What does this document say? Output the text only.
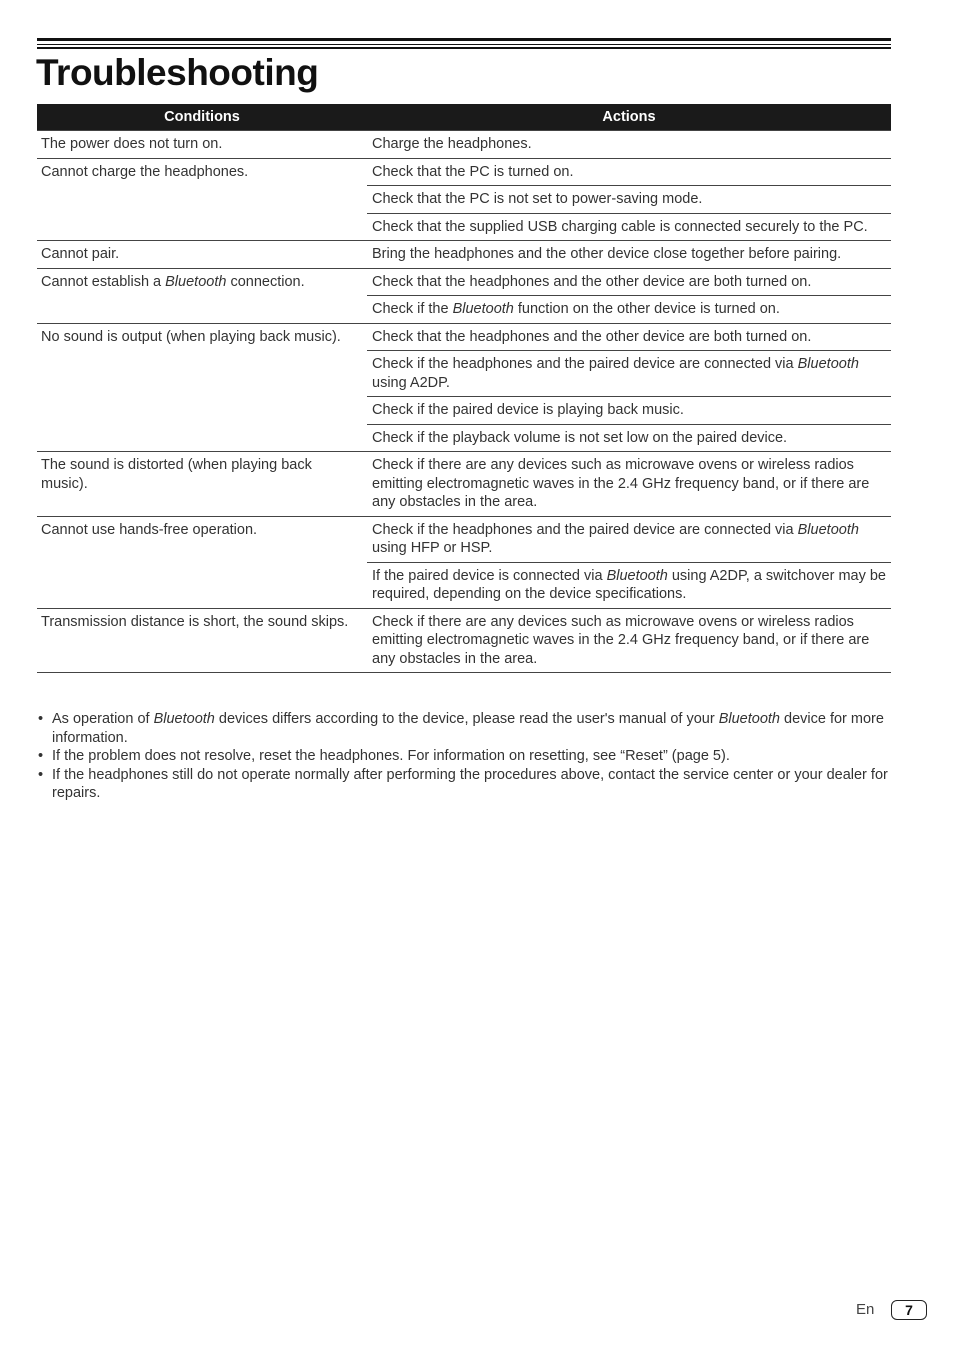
Troubleshooting
Conditions	Actions
The power does not turn on.	Charge the headphones.
Cannot charge the headphones.	Check that the PC is turned on.
	Check that the PC is not set to power-saving mode.
	Check that the supplied USB charging cable is connected securely to the PC.
Cannot pair.	Bring the headphones and the other device close together before pairing.
Cannot establish a Bluetooth connection.	Check that the headphones and the other device are both turned on.
	Check if the Bluetooth function on the other device is turned on.
No sound is output (when playing back music).	Check that the headphones and the other device are both turned on.
	Check if the headphones and the paired device are connected via Bluetooth using A2DP.
	Check if the paired device is playing back music.
	Check if the playback volume is not set low on the paired device.
The sound is distorted (when playing back music).	Check if there are any devices such as microwave ovens or wireless radios emitting electromagnetic waves in the 2.4 GHz frequency band, or if there are any obstacles in the area.
Cannot use hands-free operation.	Check if the headphones and the paired device are connected via Bluetooth using HFP or HSP.
	If the paired device is connected via Bluetooth using A2DP, a switchover may be required, depending on the device specifications.
Transmission distance is short, the sound skips.	Check if there are any devices such as microwave ovens or wireless radios emitting electromagnetic waves in the 2.4 GHz frequency band, or if there are any obstacles in the area.
• As operation of Bluetooth devices differs according to the device, please read the user's manual of your Bluetooth device for more information.
• If the problem does not resolve, reset the headphones. For information on resetting, see “Reset” (page 5).
• If the headphones still do not operate normally after performing the procedures above, contact the service center or your dealer for repairs.
En	7
